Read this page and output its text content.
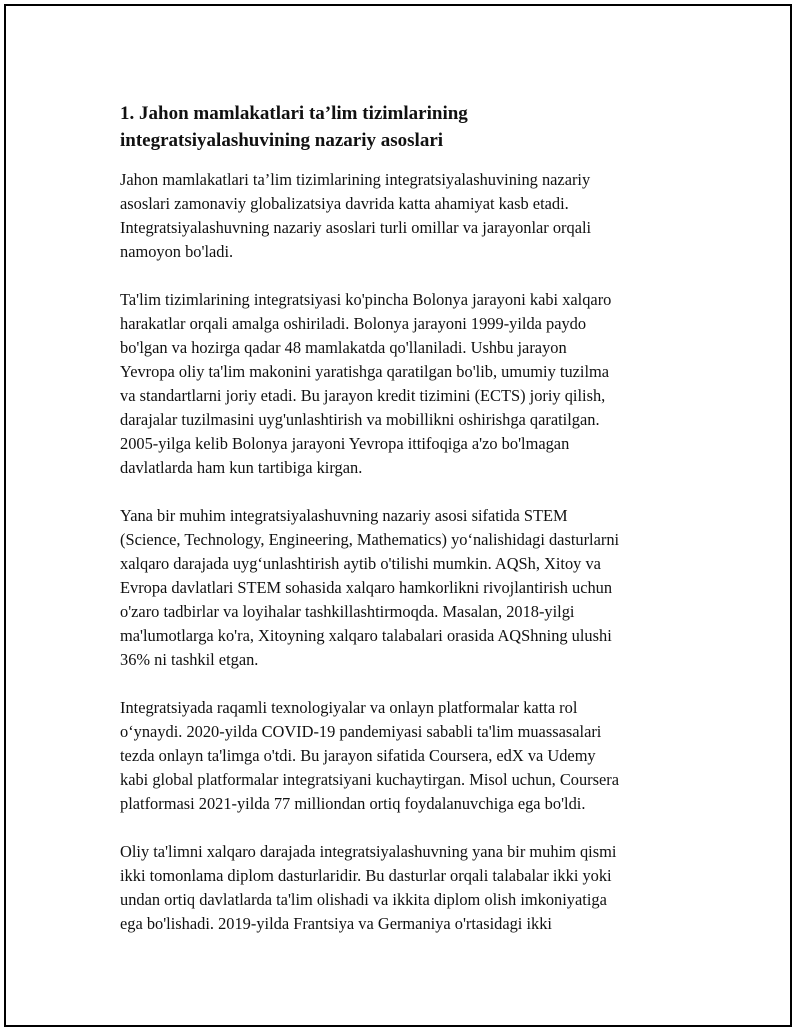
1. Jahon mamlakatlari ta’lim tizimlarining
integratsiyalashuvining nazariy asoslari

Jahon mamlakatlari ta’lim tizimlarining integratsiyalashuvining nazariy
asoslari zamonaviy globalizatsiya davrida katta ahamiyat kasb etadi.
Integratsiyalashuvning nazariy asoslari turli omillar va jarayonlar orqali
namoyon bo'ladi.

Ta'lim tizimlarining integratsiyasi ko'pincha Bolonya jarayoni kabi xalqaro
harakatlar orqali amalga oshiriladi. Bolonya jarayoni 1999-yilda paydo
bo'lgan va hozirga qadar 48 mamlakatda qo'llaniladi. Ushbu jarayon
Yevropa oliy ta'lim makonini yaratishga qaratilgan bo'lib, umumiy tuzilma
va standartlarni joriy etadi. Bu jarayon kredit tizimini (ECTS) joriy qilish,
darajalar tuzilmasini uyg'unlashtirish va mobillikni oshirishga qaratilgan.
2005-yilga kelib Bolonya jarayoni Yevropa ittifoqiga a'zo bo'lmagan
davlatlarda ham kun tartibiga kirgan.

Yana bir muhim integratsiyalashuvning nazariy asosi sifatida STEM
(Science, Technology, Engineering, Mathematics) yo‘nalishidagi dasturlarni
xalqaro darajada uyg‘unlashtirish aytib o'tilishi mumkin. AQSh, Xitoy va
Evropa davlatlari STEM sohasida xalqaro hamkorlikni rivojlantirish uchun
o'zaro tadbirlar va loyihalar tashkillashtirmoqda. Masalan, 2018-yilgi
ma'lumotlarga ko'ra, Xitoyning xalqaro talabalari orasida AQShning ulushi
36% ni tashkil etgan.

Integratsiyada raqamli texnologiyalar va onlayn platformalar katta rol
o‘ynaydi. 2020-yilda COVID-19 pandemiyasi sababli ta'lim muassasalari
tezda onlayn ta'limga o'tdi. Bu jarayon sifatida Coursera, edX va Udemy
kabi global platformalar integratsiyani kuchaytirgan. Misol uchun, Coursera
platformasi 2021-yilda 77 milliondan ortiq foydalanuvchiga ega bo'ldi.

Oliy ta'limni xalqaro darajada integratsiyalashuvning yana bir muhim qismi
ikki tomonlama diplom dasturlaridir. Bu dasturlar orqali talabalar ikki yoki
undan ortiq davlatlarda ta'lim olishadi va ikkita diplom olish imkoniyatiga
ega bo'lishadi. 2019-yilda Frantsiya va Germaniya o'rtasidagi ikki
